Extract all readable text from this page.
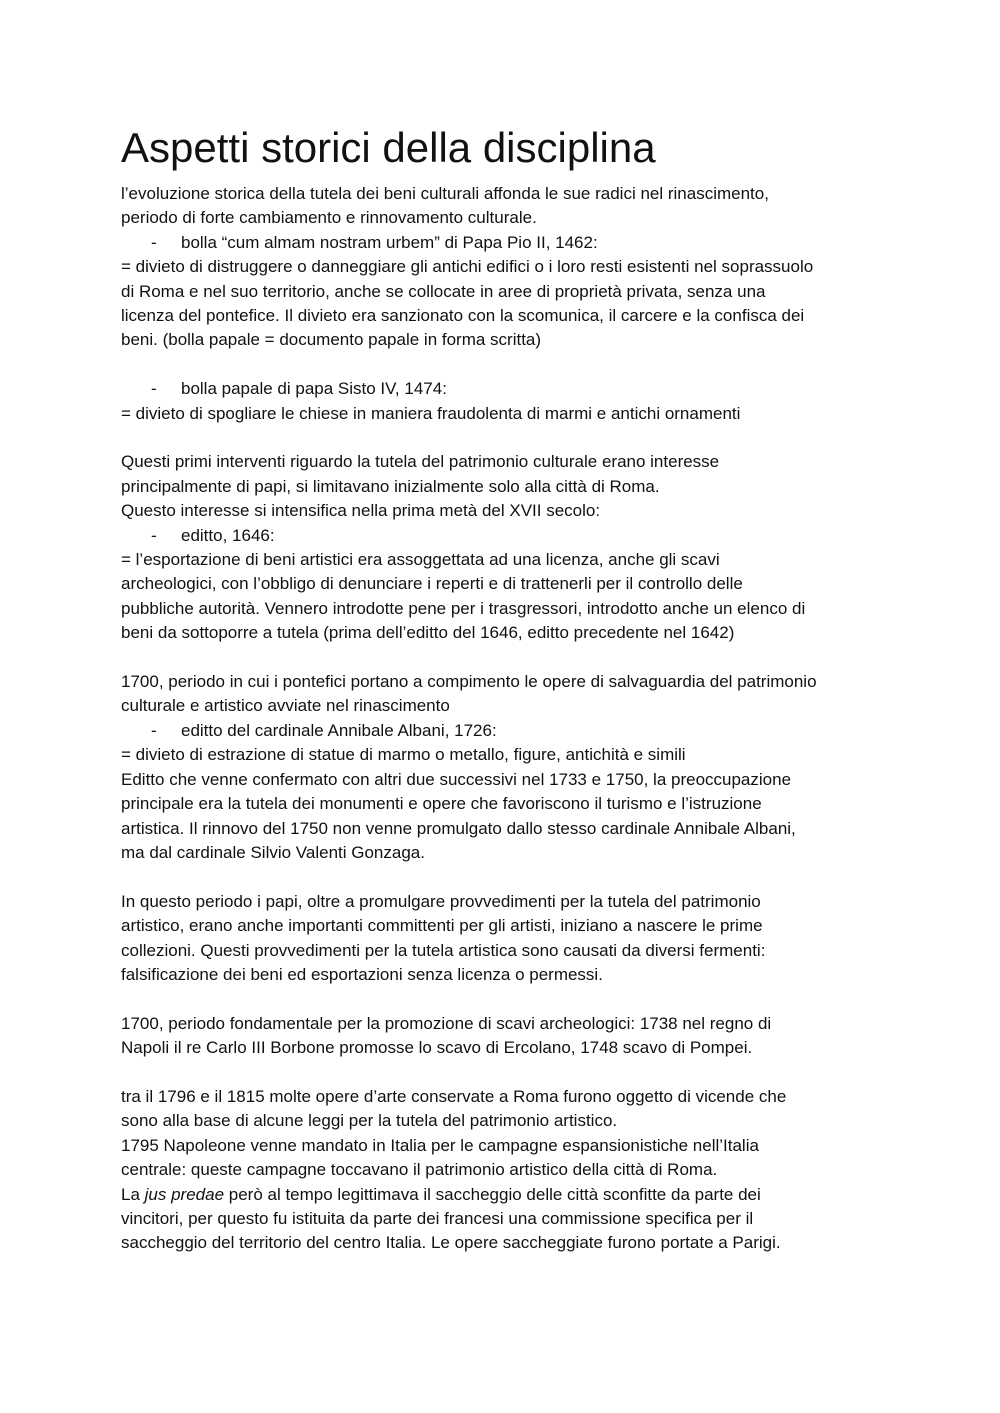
Aspetti storici della disciplina

l’evoluzione storica della tutela dei beni culturali affonda le sue radici nel rinascimento,

periodo di forte cambiamento e rinnovamento culturale.

- bolla “cum almam nostram urbem” di Papa Pio II, 1462:

= divieto di distruggere o danneggiare gli antichi edifici o i loro resti esistenti nel soprassuolo

di Roma e nel suo territorio, anche se collocate in aree di proprietà privata, senza una

licenza del pontefice. Il divieto era sanzionato con la scomunica, il carcere e la confisca dei

beni. (bolla papale = documento papale in forma scritta)

- bolla papale di papa Sisto IV, 1474:

= divieto di spogliare le chiese in maniera fraudolenta di marmi e antichi ornamenti

Questi primi interventi riguardo la tutela del patrimonio culturale erano interesse

principalmente di papi, si limitavano inizialmente solo alla città di Roma.

Questo interesse si intensifica nella prima metà del XVII secolo:

- editto, 1646:

= l’esportazione di beni artistici era assoggettata ad una licenza, anche gli scavi

archeologici, con l’obbligo di denunciare i reperti e di trattenerli per il controllo delle

pubbliche autorità. Vennero introdotte pene per i trasgressori, introdotto anche un elenco di

beni da sottoporre a tutela (prima dell’editto del 1646, editto precedente nel 1642)

1700, periodo in cui i pontefici portano a compimento le opere di salvaguardia del patrimonio

culturale e artistico avviate nel rinascimento

- editto del cardinale Annibale Albani, 1726:

= divieto di estrazione di statue di marmo o metallo, figure, antichità e simili

Editto che venne confermato con altri due successivi nel 1733 e 1750, la preoccupazione

principale era la tutela dei monumenti e opere che favoriscono il turismo e l’istruzione

artistica. Il rinnovo del 1750 non venne promulgato dallo stesso cardinale Annibale Albani,

ma dal cardinale Silvio Valenti Gonzaga.

In questo periodo i papi, oltre a promulgare provvedimenti per la tutela del patrimonio

artistico, erano anche importanti committenti per gli artisti, iniziano a nascere le prime

collezioni. Questi provvedimenti per la tutela artistica sono causati da diversi fermenti:

falsificazione dei beni ed esportazioni senza licenza o permessi.

1700, periodo fondamentale per la promozione di scavi archeologici: 1738 nel regno di

Napoli il re Carlo III Borbone promosse lo scavo di Ercolano, 1748 scavo di Pompei.

tra il 1796 e il 1815 molte opere d’arte conservate a Roma furono oggetto di vicende che

sono alla base di alcune leggi per la tutela del patrimonio artistico.

1795 Napoleone venne mandato in Italia per le campagne espansionistiche nell’Italia

centrale: queste campagne toccavano il patrimonio artistico della città di Roma.

La jus predae però al tempo legittimava il saccheggio delle città sconfitte da parte dei

vincitori, per questo fu istituita da parte dei francesi una commissione specifica per il

saccheggio del territorio del centro Italia. Le opere saccheggiate furono portate a Parigi.
